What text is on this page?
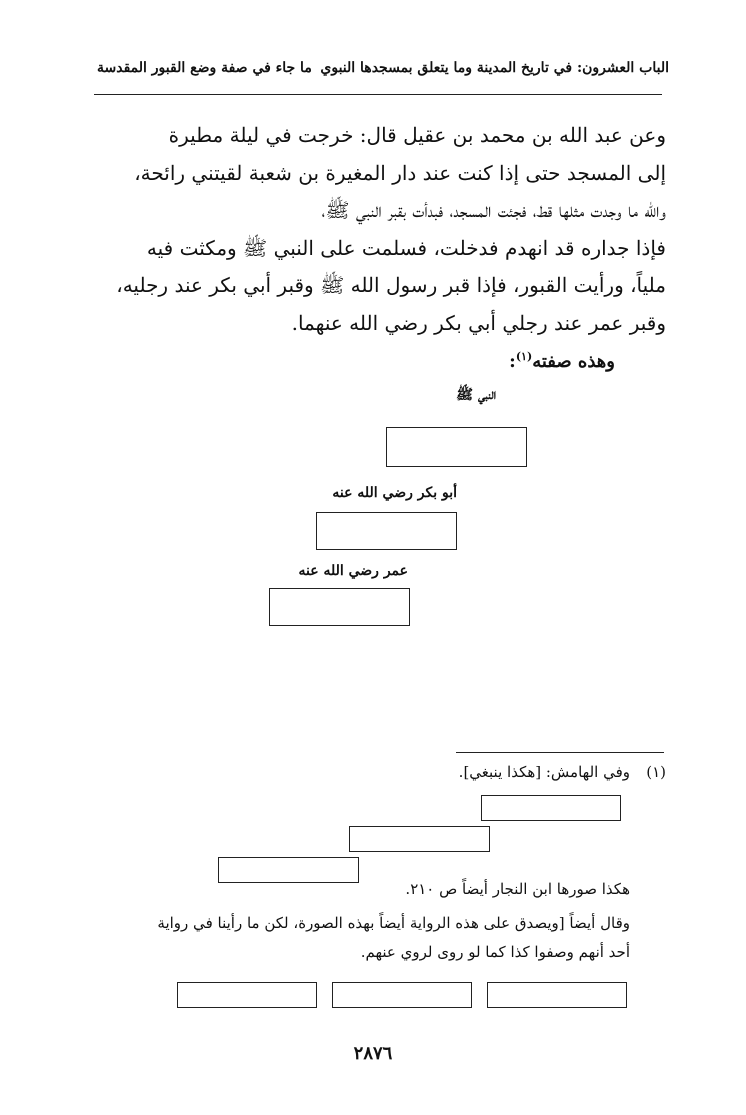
الباب العشرون: في تاريخ المدينة وما يتعلق بمسجدها النبوي
ما جاء في صفة وضع القبور المقدسة
وعن عبد الله بن محمد بن عقيل قال: خرجت في ليلة مطيرة
إلى المسجد حتى إذا كنت عند دار المغيرة بن شعبة لقيتني رائحة،
والله ما وجدت مثلها قط، فجئت المسجد، فبدأت بقبر النبي ﷺ،
فإذا جداره قد انهدم فدخلت، فسلمت على النبي ﷺ ومكثت فيه
ملياً، ورأيت القبور، فإذا قبر رسول الله ﷺ وقبر أبي بكر عند رجليه،
وقبر عمر عند رجلي أبي بكر رضي الله عنهما.
وهذه صفته$^{(١)}$:
النبي ﷺ
أبو بكر رضي الله عنه
عمر رضي الله عنه
(١)وفي الهامش: [هكذا ينبغي].
هكذا صورها ابن النجار أيضاً ص ٢١٠.
وقال أيضاً [ويصدق على هذه الرواية أيضاً بهذه الصورة، لكن ما رأينا في رواية
أحد أنهم وصفوا كذا كما لو روى لروي عنهم.
٢٨٧٦
